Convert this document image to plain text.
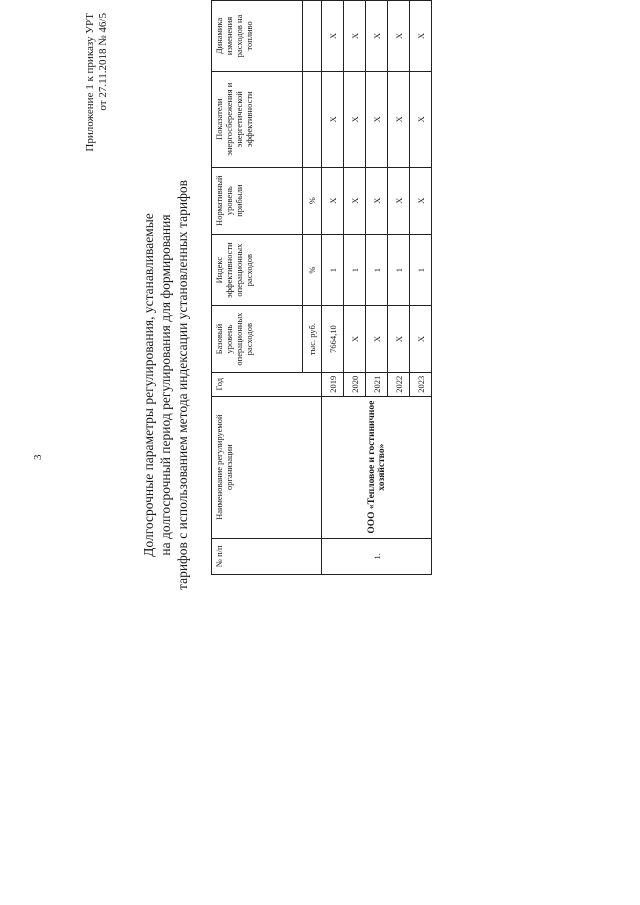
3
Приложение 1 к приказу УРТ от 27.11.2018 № 46/5
Долгосрочные параметры регулирования, устанавливаемые на долгосрочный период регулирования для формирования тарифов с использованием метода индексации установленных тарифов	№ п/п	Наименование регулируемой организации	Год	Базовый уровень операционных расходов	Индекс эффективности операционных расходов	Нормативный уровень прибыли	Показатели энергосбережения и энергетической эффективности	Динамика изменения расходов на топливо
			тыс. руб.	%	%		
1.	ООО «Тепловое и гостиничное хозяйство»	2019	7664,10	1	Х	Х	Х
		2020	Х	1	Х	Х	Х
		2021	Х	1	Х	Х	Х
		2022	Х	1	Х	Х	Х
		2023	Х	1	Х	Х	Х
